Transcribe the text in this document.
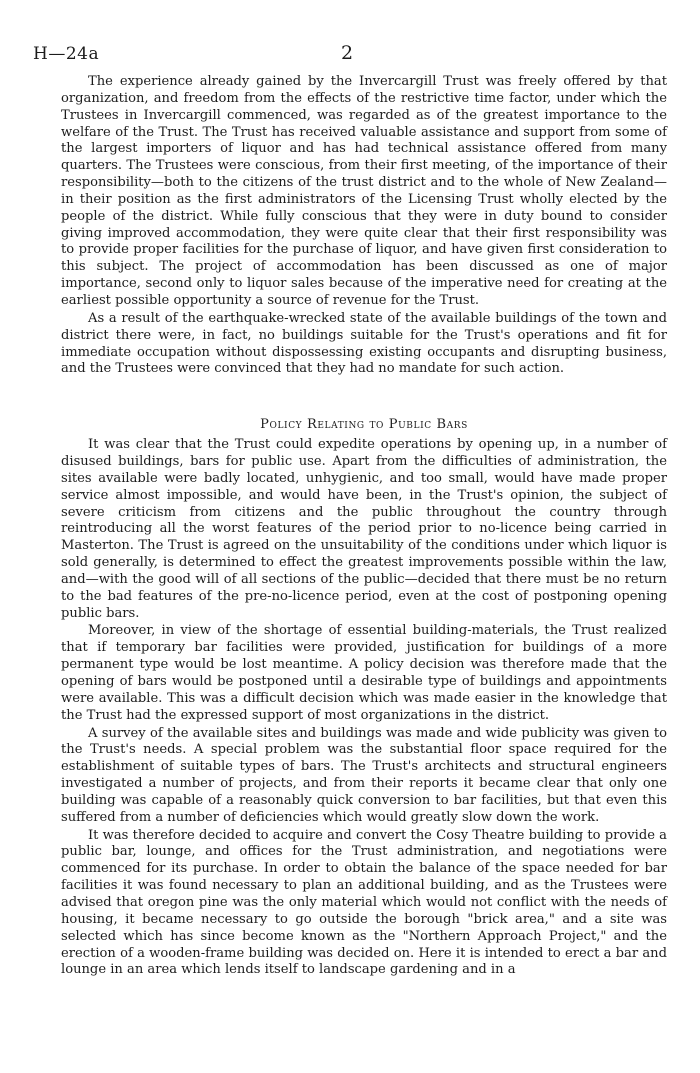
H—24a	2

The experience already gained by the Invercargill Trust was freely offered by that organization, and freedom from the effects of the restrictive time factor, under which the Trustees in Invercargill commenced, was regarded as of the greatest importance to the welfare of the Trust. The Trust has received valuable assistance and support from some of the largest importers of liquor and has had technical assistance offered from many quarters. The Trustees were conscious, from their first meeting, of the importance of their responsibility—both to the citizens of the trust district and to the whole of New Zealand—in their position as the first administrators of the Licensing Trust wholly elected by the people of the district. While fully conscious that they were in duty bound to consider giving improved accommodation, they were quite clear that their first responsibility was to provide proper facilities for the purchase of liquor, and have given first consideration to this subject. The project of accommodation has been discussed as one of major importance, second only to liquor sales because of the imperative need for creating at the earliest possible opportunity a source of revenue for the Trust.

As a result of the earthquake-wrecked state of the available buildings of the town and district there were, in fact, no buildings suitable for the Trust's operations and fit for immediate occupation without dispossessing existing occupants and disrupting business, and the Trustees were convinced that they had no mandate for such action.

Policy Relating to Public Bars

It was clear that the Trust could expedite operations by opening up, in a number of disused buildings, bars for public use. Apart from the difficulties of administration, the sites available were badly located, unhygienic, and too small, would have made proper service almost impossible, and would have been, in the Trust's opinion, the subject of severe criticism from citizens and the public throughout the country through reintroducing all the worst features of the period prior to no-licence being carried in Masterton. The Trust is agreed on the unsuitability of the conditions under which liquor is sold generally, is determined to effect the greatest improvements possible within the law, and—with the good will of all sections of the public—decided that there must be no return to the bad features of the pre-no-licence period, even at the cost of postponing opening public bars.

Moreover, in view of the shortage of essential building-materials, the Trust realized that if temporary bar facilities were provided, justification for buildings of a more permanent type would be lost meantime. A policy decision was therefore made that the opening of bars would be postponed until a desirable type of buildings and appointments were available. This was a difficult decision which was made easier in the knowledge that the Trust had the expressed support of most organizations in the district.

A survey of the available sites and buildings was made and wide publicity was given to the Trust's needs. A special problem was the substantial floor space required for the establishment of suitable types of bars. The Trust's architects and structural engineers investigated a number of projects, and from their reports it became clear that only one building was capable of a reasonably quick conversion to bar facilities, but that even this suffered from a number of deficiencies which would greatly slow down the work.

It was therefore decided to acquire and convert the Cosy Theatre building to provide a public bar, lounge, and offices for the Trust administration, and negotiations were commenced for its purchase. In order to obtain the balance of the space needed for bar facilities it was found necessary to plan an additional building, and as the Trustees were advised that oregon pine was the only material which would not conflict with the needs of housing, it became necessary to go outside the borough "brick area," and a site was selected which has since become known as the "Northern Approach Project," and the erection of a wooden-frame building was decided on. Here it is intended to erect a bar and lounge in an area which lends itself to landscape gardening and in a
